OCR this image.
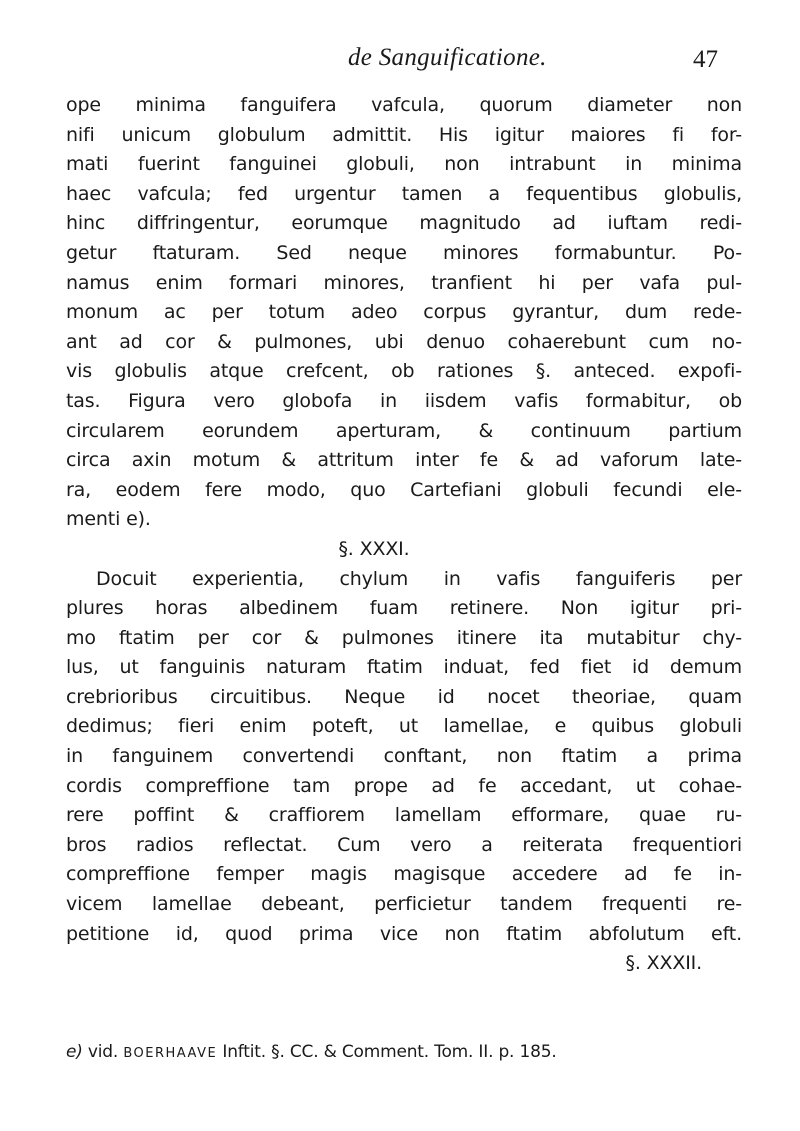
de Sanguificatione.	47
ope minima fanguifera vafcula, quorum diameter non
nifi unicum globulum admittit. His igitur maiores fi for-
mati fuerint fanguinei globuli, non intrabunt in minima
haec vafcula; fed urgentur tamen a fequentibus globulis,
hinc diffringentur, eorumque magnitudo ad iuftam redi-
getur ftaturam. Sed neque minores formabuntur. Po-
namus enim formari minores, tranfient hi per vafa pul-
monum ac per totum adeo corpus gyrantur, dum rede-
ant ad cor & pulmones, ubi denuo cohaerebunt cum no-
vis globulis atque crefcent, ob rationes §. anteced. expofi-
tas. Figura vero globofa in iisdem vafis formabitur, ob
circularem eorundem aperturam, & continuum partium
circa axin motum & attritum inter fe & ad vaforum late-
ra, eodem fere modo, quo Cartefiani globuli fecundi ele-
menti e).
§. XXXI.
Docuit experientia, chylum in vafis fanguiferis per
plures horas albedinem fuam retinere. Non igitur pri-
mo ftatim per cor & pulmones itinere ita mutabitur chy-
lus, ut fanguinis naturam ftatim induat, fed fiet id demum
crebrioribus circuitibus. Neque id nocet theoriae, quam
dedimus; fieri enim poteft, ut lamellae, e quibus globuli
in fanguinem convertendi conftant, non ftatim a prima
cordis compreffione tam prope ad fe accedant, ut cohae-
rere poffint & craffiorem lamellam efformare, quae ru-
bros radios reflectat. Cum vero a reiterata frequentiori
compreffione femper magis magisque accedere ad fe in-
vicem lamellae debeant, perficietur tandem frequenti re-
petitione id, quod prima vice non ftatim abfolutum eft.
§. XXXII.
e) vid. BOERHAAVE Inftit. §. CC. & Comment. Tom. II. p. 185.
